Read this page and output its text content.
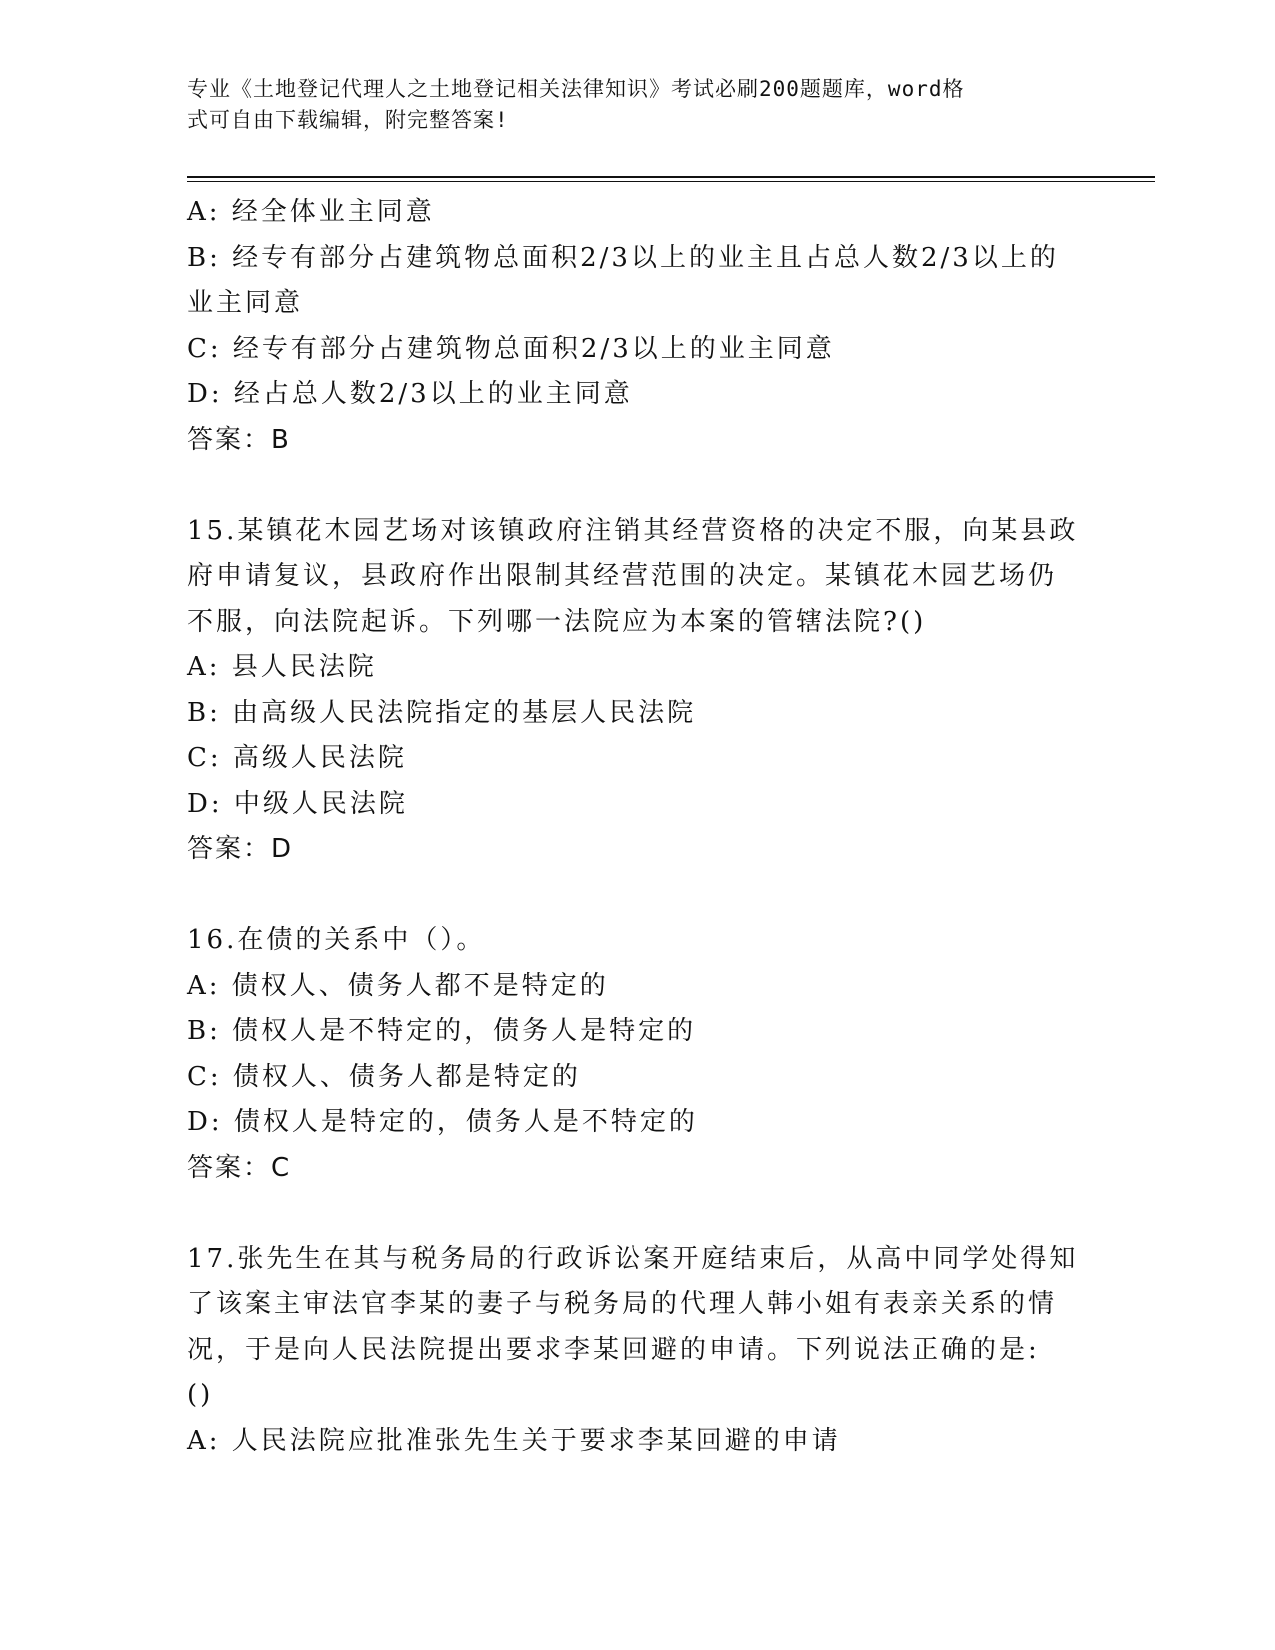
专业《土地登记代理人之土地登记相关法律知识》考试必刷200题题库，word格
式可自由下载编辑，附完整答案!
A: 经全体业主同意
B: 经专有部分占建筑物总面积2/3以上的业主且占总人数2/3以上的
业主同意
C: 经专有部分占建筑物总面积2/3以上的业主同意
D: 经占总人数2/3以上的业主同意
答案：B
15.某镇花木园艺场对该镇政府注销其经营资格的决定不服，向某县政
府申请复议，县政府作出限制其经营范围的决定。某镇花木园艺场仍
不服，向法院起诉。下列哪一法院应为本案的管辖法院?()
A: 县人民法院
B: 由高级人民法院指定的基层人民法院
C: 高级人民法院
D: 中级人民法院
答案：D
16.在债的关系中（）。
A: 债权人、债务人都不是特定的
B: 债权人是不特定的，债务人是特定的
C: 债权人、债务人都是特定的
D: 债权人是特定的，债务人是不特定的
答案：C
17.张先生在其与税务局的行政诉讼案开庭结束后，从高中同学处得知
了该案主审法官李某的妻子与税务局的代理人韩小姐有表亲关系的情
况，于是向人民法院提出要求李某回避的申请。下列说法正确的是:
()
A: 人民法院应批准张先生关于要求李某回避的申请
